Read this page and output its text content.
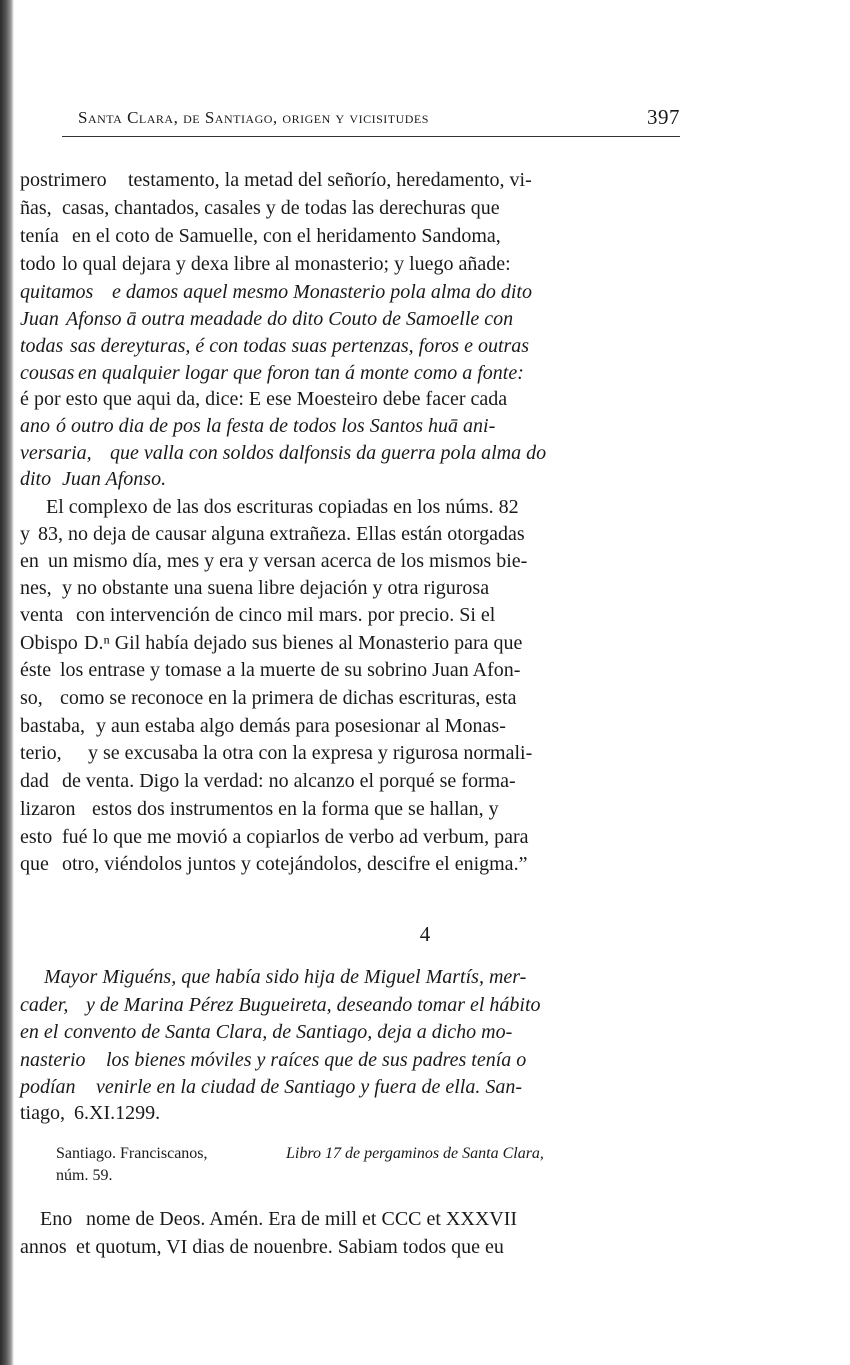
Santa Clara, de Santiago, origen y vicisitudes	397
postrimero testamento, la metad del señorío, heredamento, vi-
ñas, casas, chantados, casales y de todas las derechuras que
tenía en el coto de Samuelle, con el heridamento Sandoma,
todo lo qual dejara y dexa libre al monasterio; y luego añade:
quitamos e damos aquel mesmo Monasterio pola alma do dito
Juan Afonso ā outra meadade do dito Couto de Samoelle con
todas sas dereyturas, é con todas suas pertenzas, foros e outras
cousas en qualquier logar que foron tan á monte como a fonte:
é por esto que aqui da, dice: E ese Moesteiro debe facer cada
ano ó outro dia de pos la festa de todos los Santos huā ani-
versaria, que valla con soldos dalfonsis da guerra pola alma do
dito Juan Afonso.
El complexo de las dos escrituras copiadas en los núms. 82
y 83, no deja de causar alguna extrañeza. Ellas están otorgadas
en un mismo día, mes y era y versan acerca de los mismos bie-
nes, y no obstante una suena libre dejación y otra rigurosa
venta con intervención de cinco mil mars. por precio. Si el
Obispo D.ⁿ Gil había dejado sus bienes al Monasterio para que
éste los entrase y tomase a la muerte de su sobrino Juan Afon-
so, como se reconoce en la primera de dichas escrituras, esta
bastaba, y aun estaba algo demás para posesionar al Monas-
terio, y se excusaba la otra con la expresa y rigurosa normali-
dad de venta. Digo la verdad: no alcanzo el porqué se forma-
lizaron estos dos instrumentos en la forma que se hallan, y
esto fué lo que me movió a copiarlos de verbo ad verbum, para
que otro, viéndolos juntos y cotejándolos, descifre el enigma.”
4
Mayor Miguéns, que había sido hija de Miguel Martís, mer-
cader, y de Marina Pérez Bugueireta, deseando tomar el hábito
en el convento de Santa Clara, de Santiago, deja a dicho mo-
nasterio los bienes móviles y raíces que de sus padres tenía o
podían venirle en la ciudad de Santiago y fuera de ella. San-
tiago, 6.XI.1299.
Santiago. Franciscanos,	Libro 17 de pergaminos de Santa Clara,
núm. 59.
Eno nome de Deos. Amén. Era de mill et CCC et XXXVII
annos et quotum, VI dias de nouenbre. Sabiam todos que eu
